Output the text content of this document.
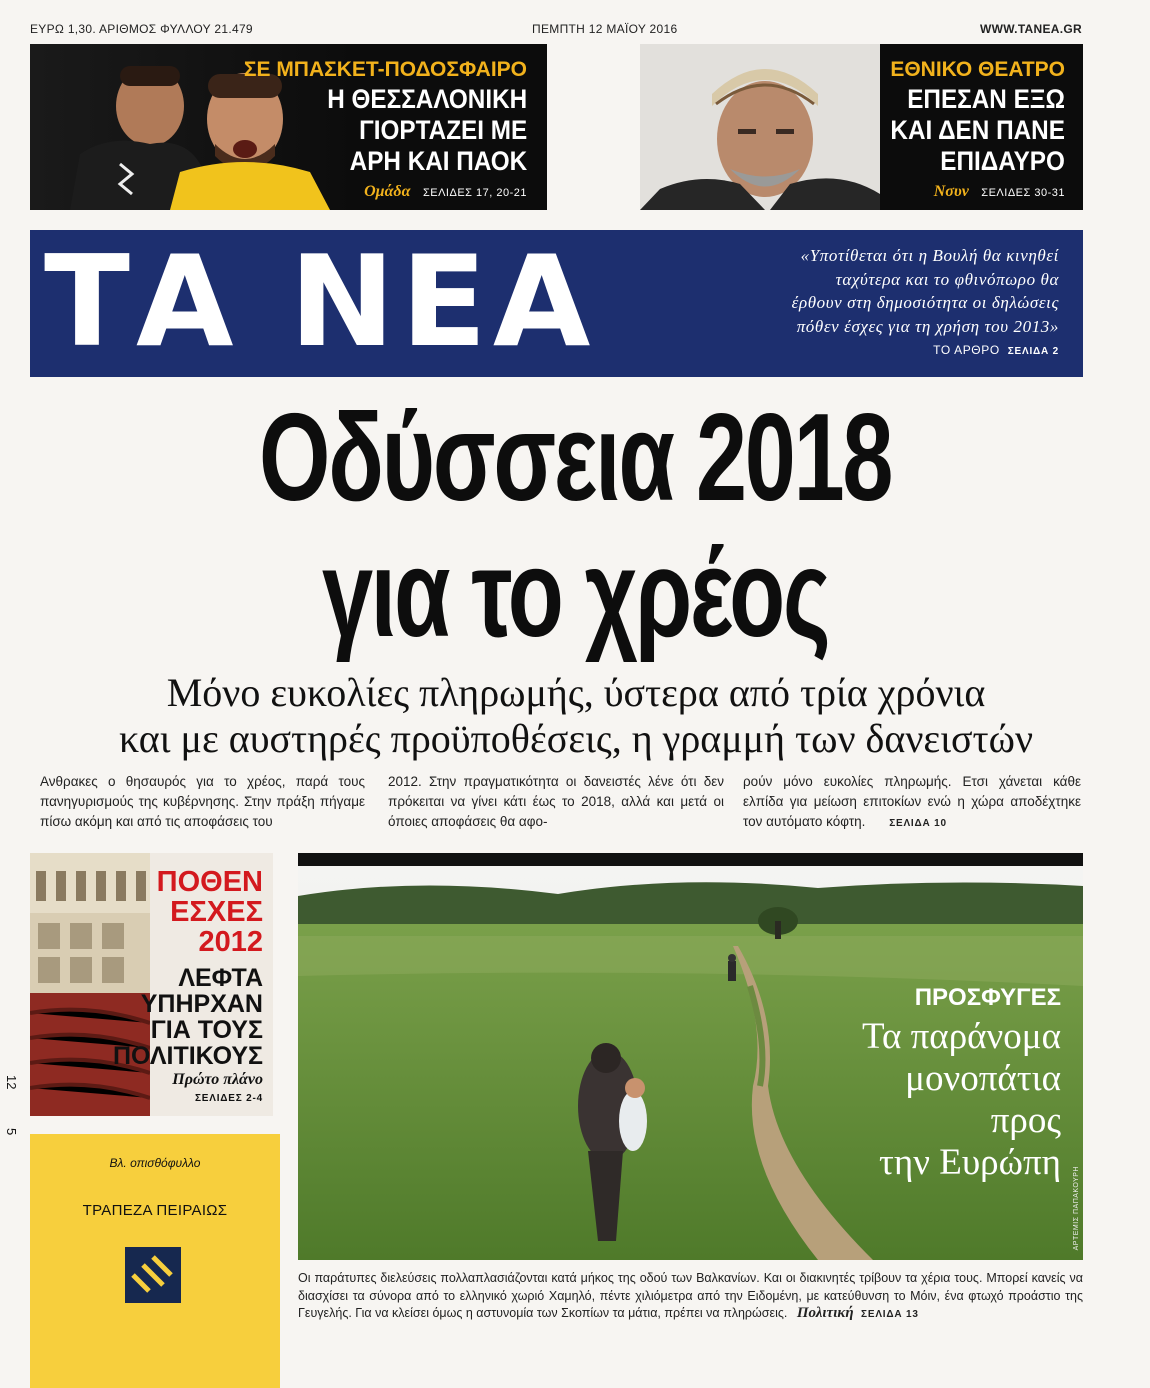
ΕΥΡΩ 1,30. ΑΡΙΘΜΟΣ ΦΥΛΛΟΥ 21.479	ΠΕΜΠΤΗ 12 ΜΑΪΟΥ 2016	WWW.TANEA.GR
ΣΕ ΜΠΑΣΚΕΤ-ΠΟΔΟΣΦΑΙΡΟ
Η ΘΕΣΣΑΛΟΝΙΚΗ
ΓΙΟΡΤΑΖΕΙ ΜΕ
ΑΡΗ ΚΑΙ ΠΑΟΚ
Ομάδα ΣΕΛΙΔΕΣ 17, 20-21
ΕΘΝΙΚΟ ΘΕΑΤΡΟ
ΕΠΕΣΑΝ ΕΞΩ
ΚΑΙ ΔΕΝ ΠΑΝΕ
ΕΠΙΔΑΥΡΟ
Νσυν ΣΕΛΙΔΕΣ 30-31
ΤΑ ΝΕΑ	«Υποτίθεται ότι η Βουλή θα κινηθεί
ταχύτερα και το φθινόπωρο θα
έρθουν στη δημοσιότητα οι δηλώσεις
πόθεν έσχες για τη χρήση του 2013»
ΤΟ ΑΡΘΡΟ ΣΕΛΙΔΑ 2
Οδύσσεια 2018
για το χρέος
Μόνο ευκολίες πληρωμής, ύστερα από τρία χρόνια
και με αυστηρές προϋποθέσεις, η γραμμή των δανειστών
Ανθρακες ο θησαυρός για το χρέος, παρά τους πανηγυρισμούς της κυβέρνησης. Στην πράξη πήγαμε πίσω ακόμη και από τις αποφάσεις του
2012. Στην πραγματικότητα οι δανειστές λένε ότι δεν πρόκειται να γίνει κάτι έως το 2018, αλλά και μετά οι όποιες αποφάσεις θα αφο-
ρούν μόνο ευκολίες πληρωμής. Ετσι χάνεται κάθε ελπίδα για μείωση επιτοκίων ενώ η χώρα αποδέχτηκε τον αυτόματο κόφτη. ΣΕΛΙΔΑ 10
ΠΟΘΕΝ
ΕΣΧΕΣ
2012
ΛΕΦΤΑ
ΥΠΗΡΧΑΝ
ΓΙΑ ΤΟΥΣ
ΠΟΛΙΤΙΚΟΥΣ
Πρώτο πλάνο
ΣΕΛΙΔΕΣ 2-4
12
5
Βλ. οπισθόφυλλο
ΤΡΑΠΕΖΑ ΠΕΙΡΑΙΩΣ
ΠΡΟΣΦΥΓΕΣ
Τα παράνομα
μονοπάτια
προς
την Ευρώπη
ΑΡΤΕΜΙΣ ΠΑΠΑΚΟΥΡΗ
Οι παράτυπες διελεύσεις πολλαπλασιάζονται κατά μήκος της οδού των Βαλκανίων. Και οι διακινητές τρίβουν τα χέρια τους. Μπορεί κανείς να διασχίσει τα σύνορα από το ελληνικό χωριό Χαμηλό, πέντε χιλιόμετρα από την Ειδομένη, με κατεύθυνση το Μόιν, ένα φτωχό προάστιο της Γευγελής. Για να κλείσει όμως η αστυνομία των Σκοπίων τα μάτια, πρέπει να πληρώσεις. Πολιτική ΣΕΛΙΔΑ 13
